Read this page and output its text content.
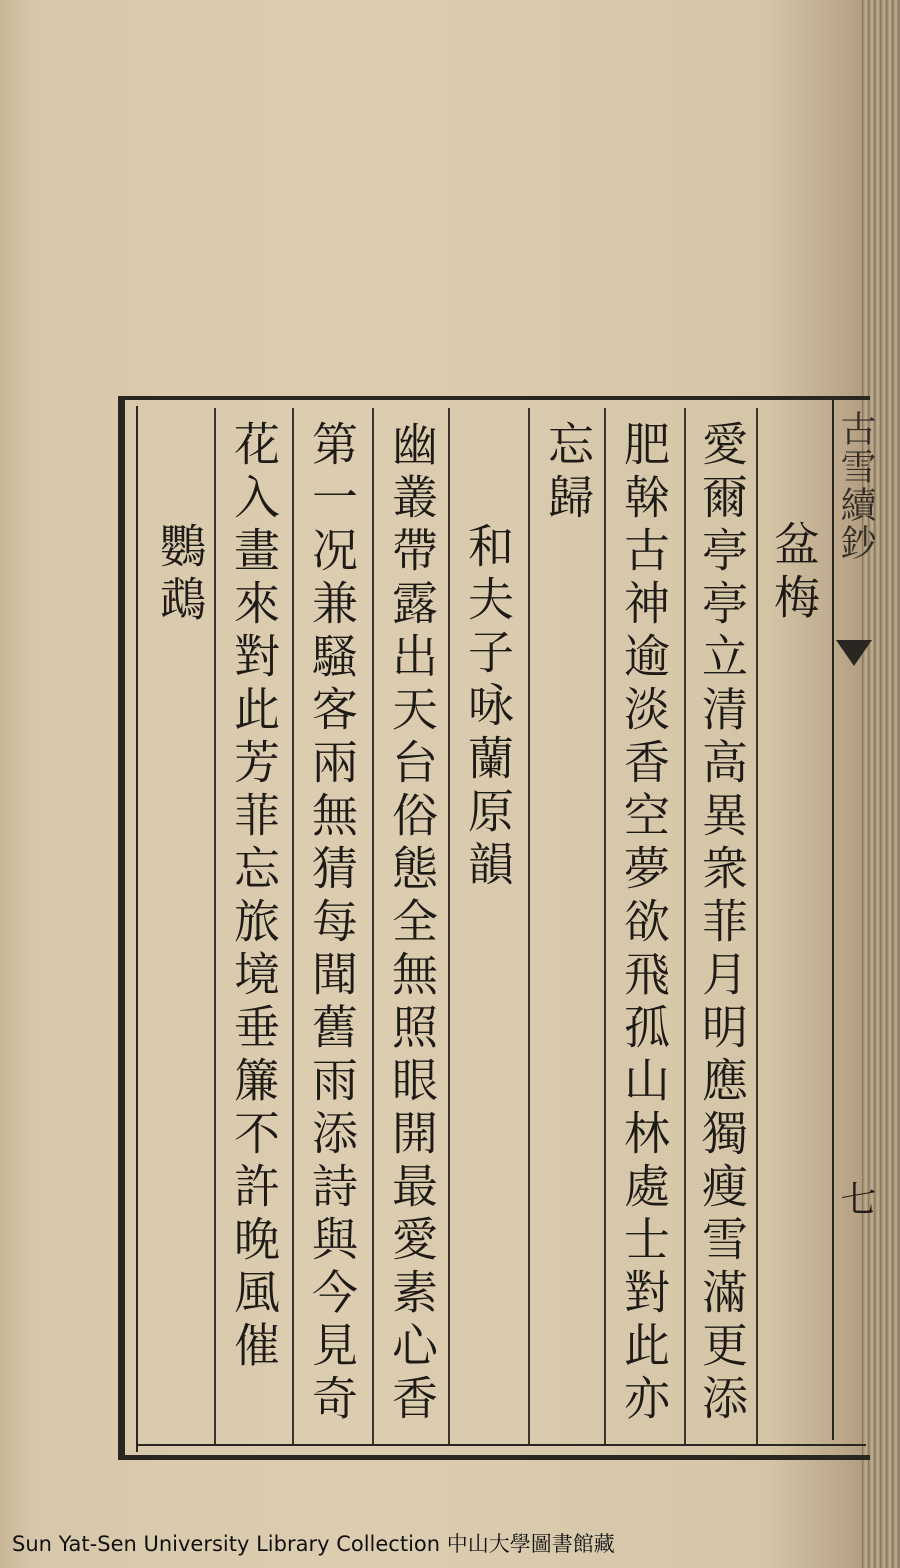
古雪續鈔
七
盆梅
愛爾亭亭立清高異衆菲月明應獨瘦雪滿更添
肥榦古神逾淡香空夢欲飛孤山林處士對此亦
忘歸
和夫子咏蘭原韻
幽叢帶露出天台俗態全無照眼開最愛素心香
第一况兼騷客兩無猜每聞舊雨添詩與今見奇
花入畫來對此芳菲忘旅境垂簾不許晚風催
鸚鵡
Sun Yat-Sen University Library Collection 中山大學圖書館藏
